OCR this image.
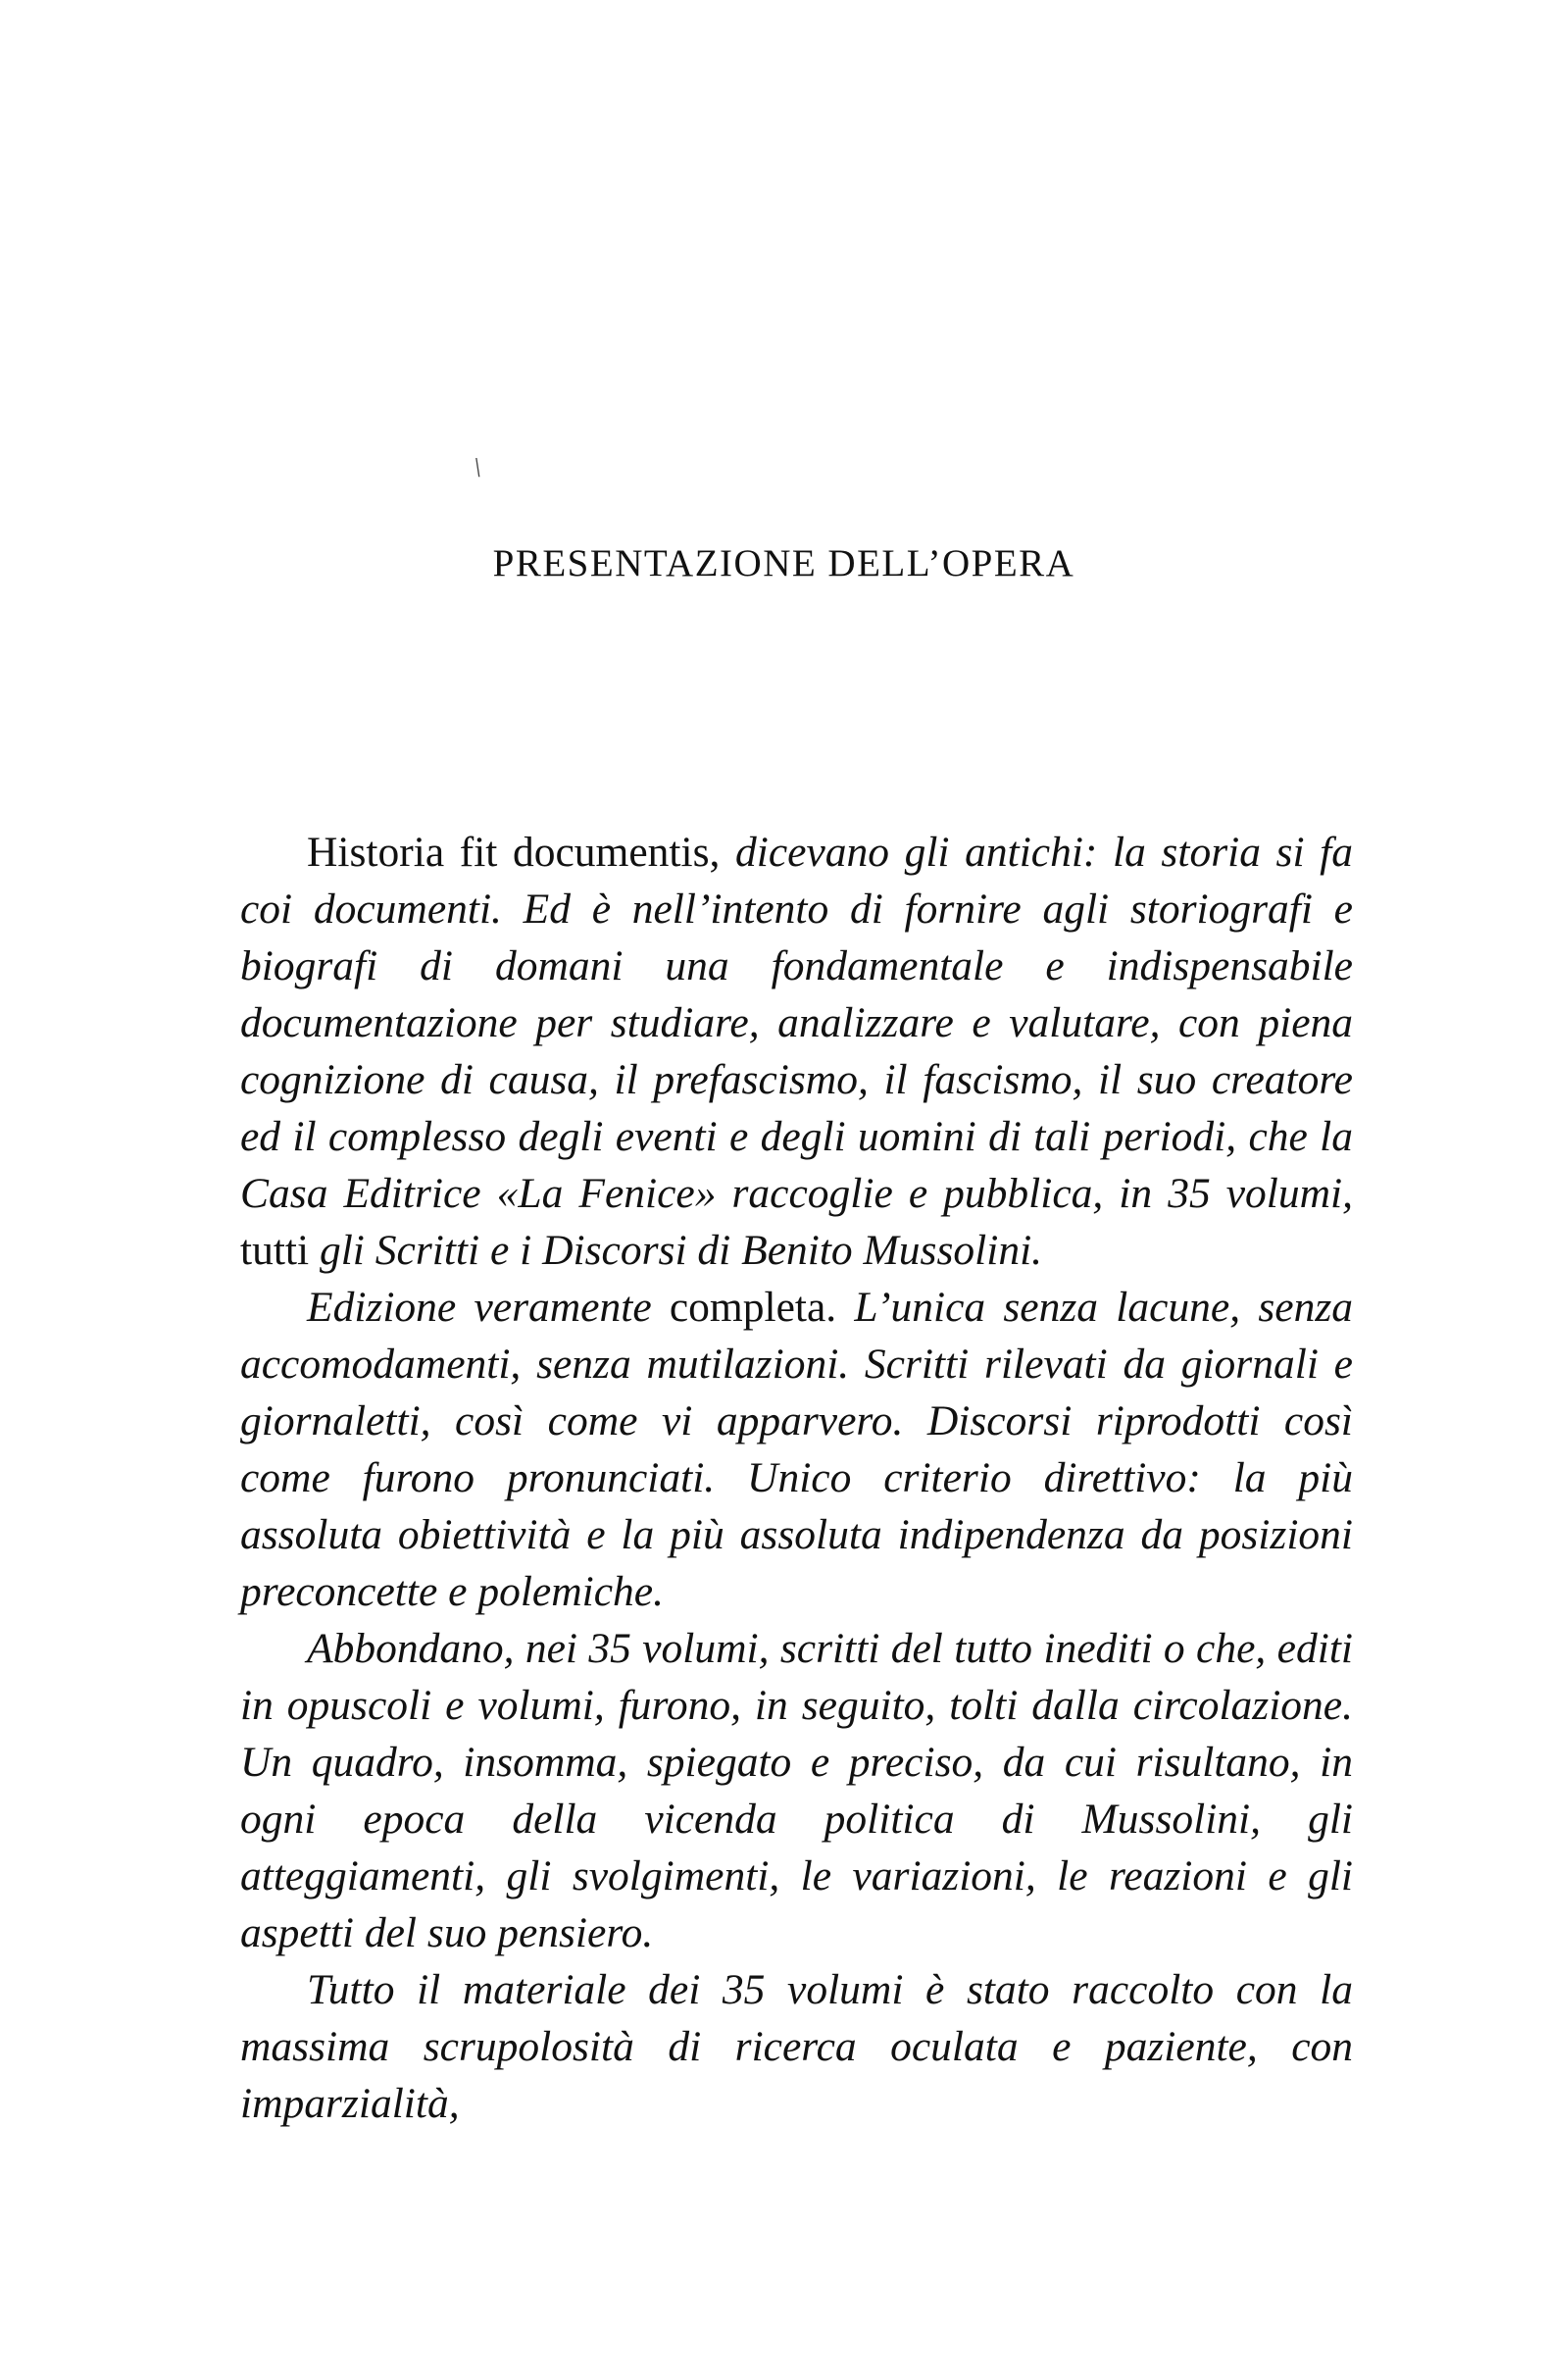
\
PRESENTAZIONE DELL’OPERA

Historia fit documentis, dicevano gli antichi: la storia si fa coi documenti. Ed è nell’intento di fornire agli storiografi e biografi di domani una fondamentale e indispensabile documentazione per studiare, analizzare e valutare, con piena cognizione di causa, il prefascismo, il fascismo, il suo creatore ed il complesso degli eventi e degli uomini di tali periodi, che la Casa Editrice «La Fenice» raccoglie e pubblica, in 35 volumi, tutti gli Scritti e i Discorsi di Benito Mussolini.

Edizione veramente completa. L’unica senza lacune, senza accomodamenti, senza mutilazioni. Scritti rilevati da giornali e giornaletti, così come vi apparvero. Discorsi riprodotti così come furono pronunciati. Unico criterio direttivo: la più assoluta obiettività e la più assoluta indipendenza da posizioni preconcette e polemiche.

Abbondano, nei 35 volumi, scritti del tutto inediti o che, editi in opuscoli e volumi, furono, in seguito, tolti dalla circolazione. Un quadro, insomma, spiegato e preciso, da cui risultano, in ogni epoca della vicenda politica di Mussolini, gli atteggiamenti, gli svolgimenti, le variazioni, le reazioni e gli aspetti del suo pensiero.

Tutto il materiale dei 35 volumi è stato raccolto con la massima scrupolosità di ricerca oculata e paziente, con imparzialità,
